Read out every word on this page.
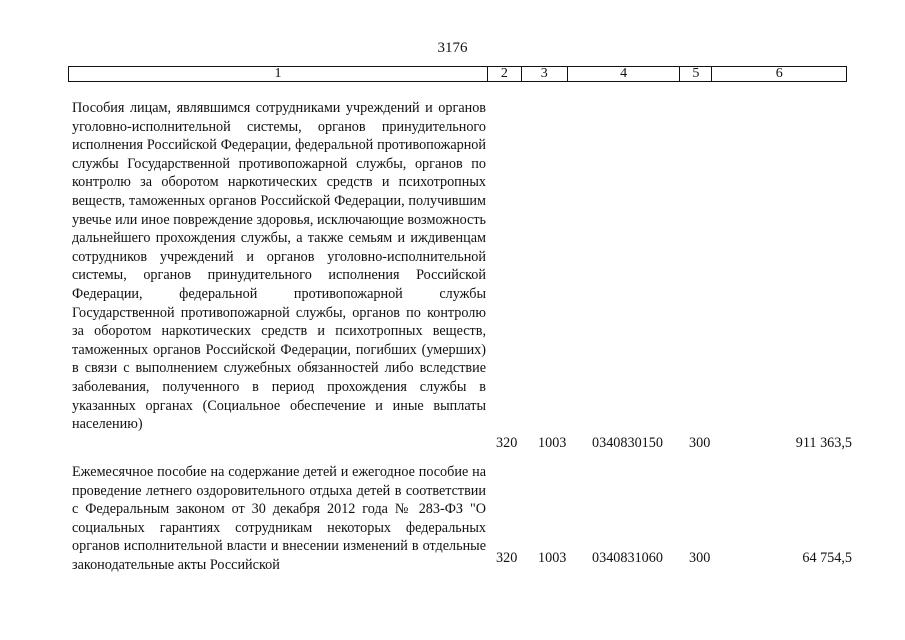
3176
1	2	3	4	5	6
Пособия лицам, являвшимся сотрудниками учреждений и органов уголовно-исполнительной системы, органов принудительного исполнения Российской Федерации, федеральной противопожарной службы Государственной противопожарной службы, органов по контролю за оборотом наркотических средств и психотропных веществ, таможенных органов Российской Федерации, получившим увечье или иное повреждение здоровья, исключающие возможность дальнейшего прохождения службы, а также семьям и иждивенцам сотрудников учреждений и органов уголовно-исполнительной системы, органов принудительного исполнения Российской Федерации, федеральной противопожарной службы Государственной противопожарной службы, органов по контролю за оборотом наркотических средств и психотропных веществ, таможенных органов Российской Федерации, погибших (умерших) в связи с выполнением служебных обязанностей либо вследствие заболевания, полученного в период прохождения службы в указанных органах (Социальное обеспечение и иные выплаты населению)
320 1003 0340830150 300	911 363,5
Ежемесячное пособие на содержание детей и ежегодное пособие на проведение летнего оздоровительного отдыха детей в соответствии с Федеральным законом от 30 декабря 2012 года № 283-ФЗ "О социальных гарантиях сотрудникам некоторых федеральных органов исполнительной власти и внесении изменений в отдельные законодательные акты Российской	320 1003 0340831060 300	64 754,5
